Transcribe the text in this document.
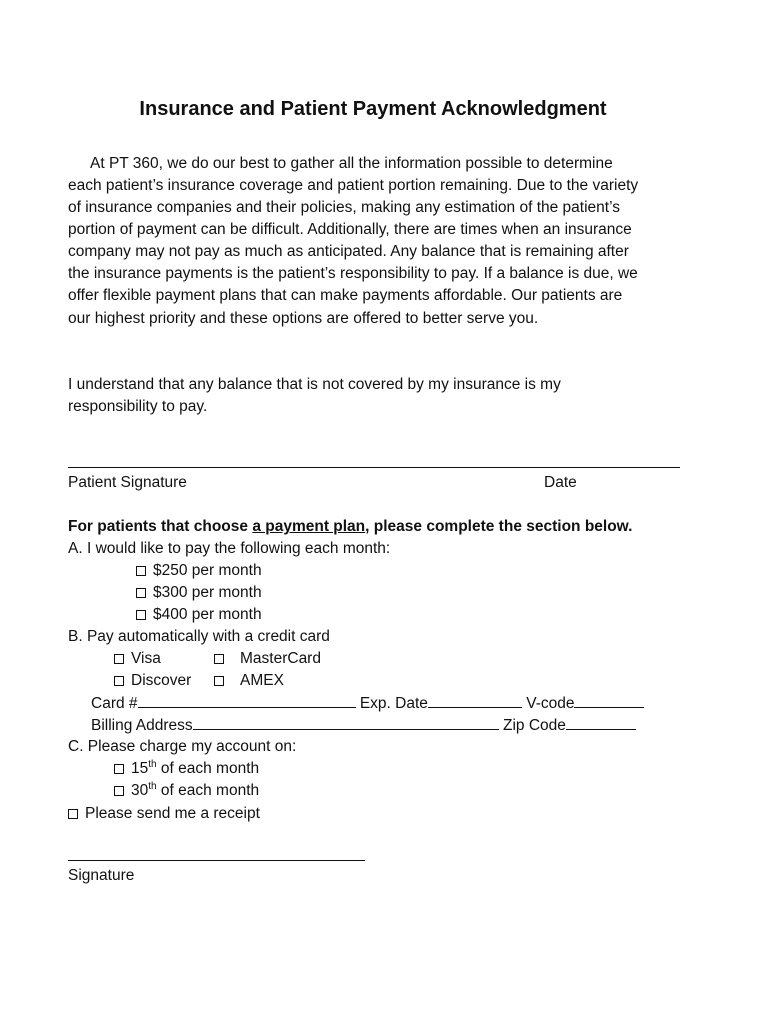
Insurance and Patient Payment Acknowledgment
At PT 360, we do our best to gather all the information possible to determine
each patient’s insurance coverage and patient portion remaining. Due to the variety
of insurance companies and their policies, making any estimation of the patient’s
portion of payment can be difficult. Additionally, there are times when an insurance
company may not pay as much as anticipated. Any balance that is remaining after
the insurance payments is the patient’s responsibility to pay. If a balance is due, we
offer flexible payment plans that can make payments affordable. Our patients are
our highest priority and these options are offered to better serve you.
I understand that any balance that is not covered by my insurance is my
responsibility to pay.
Patient Signature	Date
For patients that choose a payment plan, please complete the section below.
A. I would like to pay the following each month:
$250 per month
$300 per month
$400 per month
B. Pay automatically with a credit card
Visa	MasterCard
Discover	AMEX
Card #	Exp. Date	V-code
Billing Address	Zip Code
C. Please charge my account on:
15th of each month
30th of each month
Please send me a receipt
Signature
